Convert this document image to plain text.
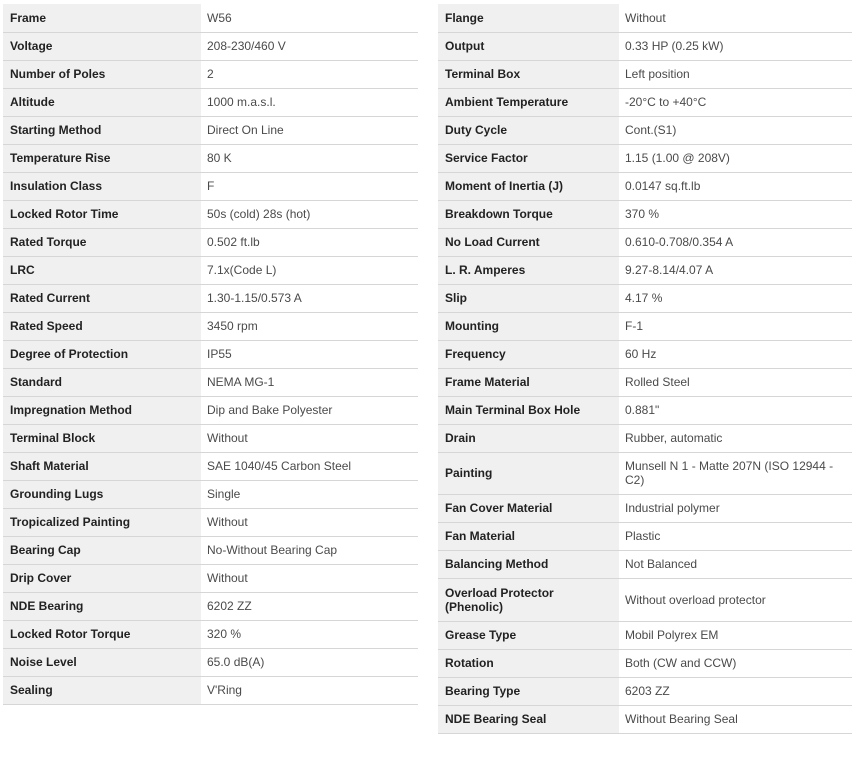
Frame	W56
Voltage	208-230/460 V
Number of Poles	2
Altitude	1000 m.a.s.l.
Starting Method	Direct On Line
Temperature Rise	80 K
Insulation Class	F
Locked Rotor Time	50s (cold) 28s (hot)
Rated Torque	0.502 ft.lb
LRC	7.1x(Code L)
Rated Current	1.30-1.15/0.573 A
Rated Speed	3450 rpm
Degree of Protection	IP55
Standard	NEMA MG-1
Impregnation Method	Dip and Bake Polyester
Terminal Block	Without
Shaft Material	SAE 1040/45 Carbon Steel
Grounding Lugs	Single
Tropicalized Painting	Without
Bearing Cap	No-Without Bearing Cap
Drip Cover	Without
NDE Bearing	6202 ZZ
Locked Rotor Torque	320 %
Noise Level	65.0 dB(A)
Sealing	V'Ring
Flange	Without
Output	0.33 HP (0.25 kW)
Terminal Box	Left position
Ambient Temperature	-20°C to +40°C
Duty Cycle	Cont.(S1)
Service Factor	1.15 (1.00 @ 208V)
Moment of Inertia (J)	0.0147 sq.ft.lb
Breakdown Torque	370 %
No Load Current	0.610-0.708/0.354 A
L. R. Amperes	9.27-8.14/4.07 A
Slip	4.17 %
Mounting	F-1
Frequency	60 Hz
Frame Material	Rolled Steel
Main Terminal Box Hole	0.881"
Drain	Rubber, automatic
Painting	Munsell N 1 - Matte 207N (ISO 12944 - C2)
Fan Cover Material	Industrial polymer
Fan Material	Plastic
Balancing Method	Not Balanced
Overload Protector (Phenolic)	Without overload protector
Grease Type	Mobil Polyrex EM
Rotation	Both (CW and CCW)
Bearing Type	6203 ZZ
NDE Bearing Seal	Without Bearing Seal
